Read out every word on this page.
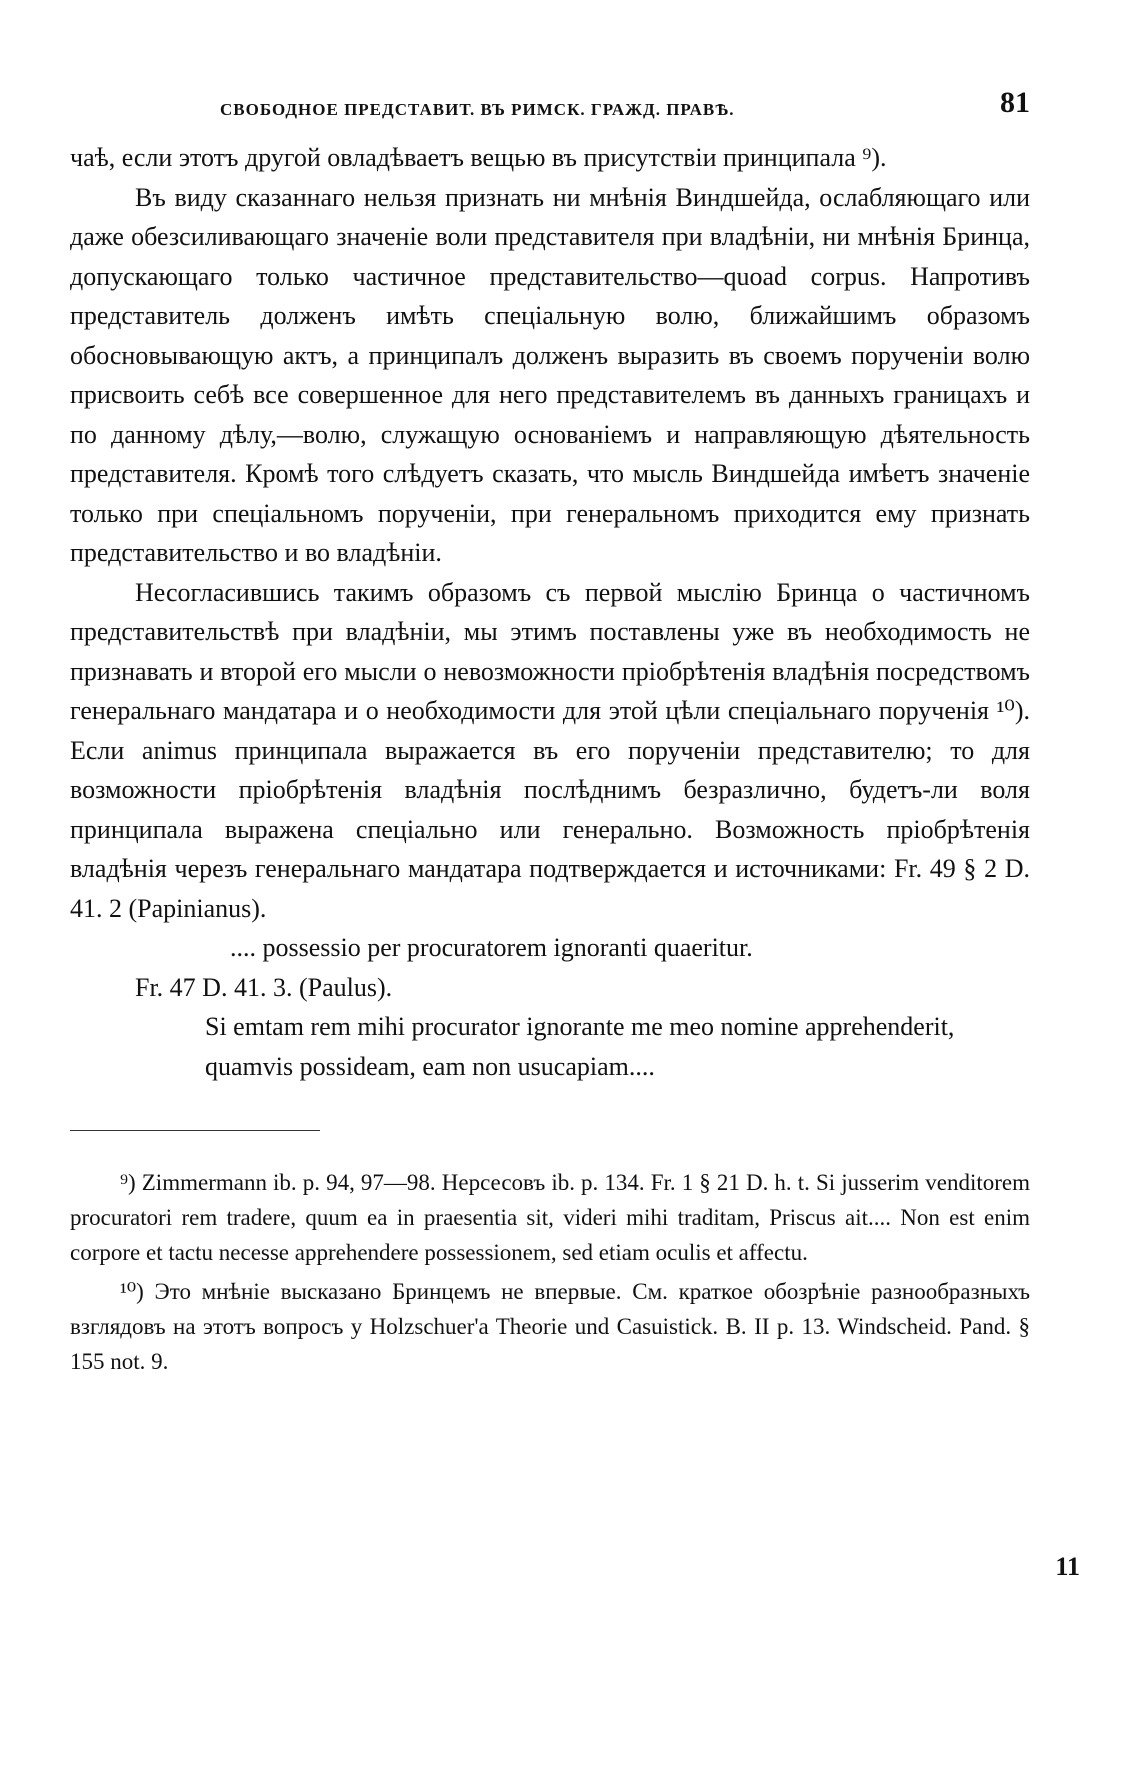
СВОБОДНОЕ ПРЕДСТАВИТ. ВЪ РИМСК. ГРАЖД. ПРАВѢ.	81

чаѣ, если этотъ другой овладѣваетъ вещью въ присутствіи принципала ⁹).

Въ виду сказаннаго нельзя признать ни мнѣнія Виндшейда, ослабляющаго или даже обезсиливающаго значеніе воли представителя при владѣніи, ни мнѣнія Бринца, допускающаго только частичное представительство—quoad corpus. Напротивъ представитель долженъ имѣть спеціальную волю, ближайшимъ образомъ обосновывающую актъ, а принципалъ долженъ выразить въ своемъ порученіи волю присвоить себѣ все совершенное для него представителемъ въ данныхъ границахъ и по данному дѣлу,—волю, служащую основаніемъ и направляющую дѣятельность представителя. Кромѣ того слѣдуетъ сказать, что мысль Виндшейда имѣетъ значеніе только при спеціальномъ порученіи, при генеральномъ приходится ему признать представительство и во владѣніи.

Несогласившись такимъ образомъ съ первой мыслію Бринца о частичномъ представительствѣ при владѣніи, мы этимъ поставлены уже въ необходимость не признавать и второй его мысли о невозможности пріобрѣтенія владѣнія посредствомъ генеральнаго мандатара и о необходимости для этой цѣли спеціальнаго порученія ¹⁰). Если animus принципала выражается въ его порученіи представителю; то для возможности пріобрѣтенія владѣнія послѣднимъ безразлично, будетъ-ли воля принципала выражена спеціально или генерально. Возможность пріобрѣтенія владѣнія черезъ генеральнаго мандатара подтверждается и источниками: Fr. 49 § 2 D. 41. 2 (Papinianus).

.... possessio per procuratorem ignoranti quaeritur.

Fr. 47 D. 41. 3. (Paulus).

Si emtam rem mihi procurator ignorante me meo nomine apprehenderit, quamvis possideam, eam non usucapiam....

⁹) Zimmermann ib. p. 94, 97—98. Нерсесовъ ib. p. 134. Fr. 1 § 21 D. h. t. Si jusserim venditorem procuratori rem tradere, quum ea in praesentia sit, videri mihi traditam, Priscus ait.... Non est enim corpore et tactu necesse apprehendere possessionem, sed etiam oculis et affectu.

¹⁰) Это мнѣніе высказано Бринцемъ не впервые. См. краткое обозрѣніе разнообразныхъ взглядовъ на этотъ вопросъ у Holzschuer'a Theorie und Casuistick. B. II p. 13. Windscheid. Pand. § 155 not. 9.

11
